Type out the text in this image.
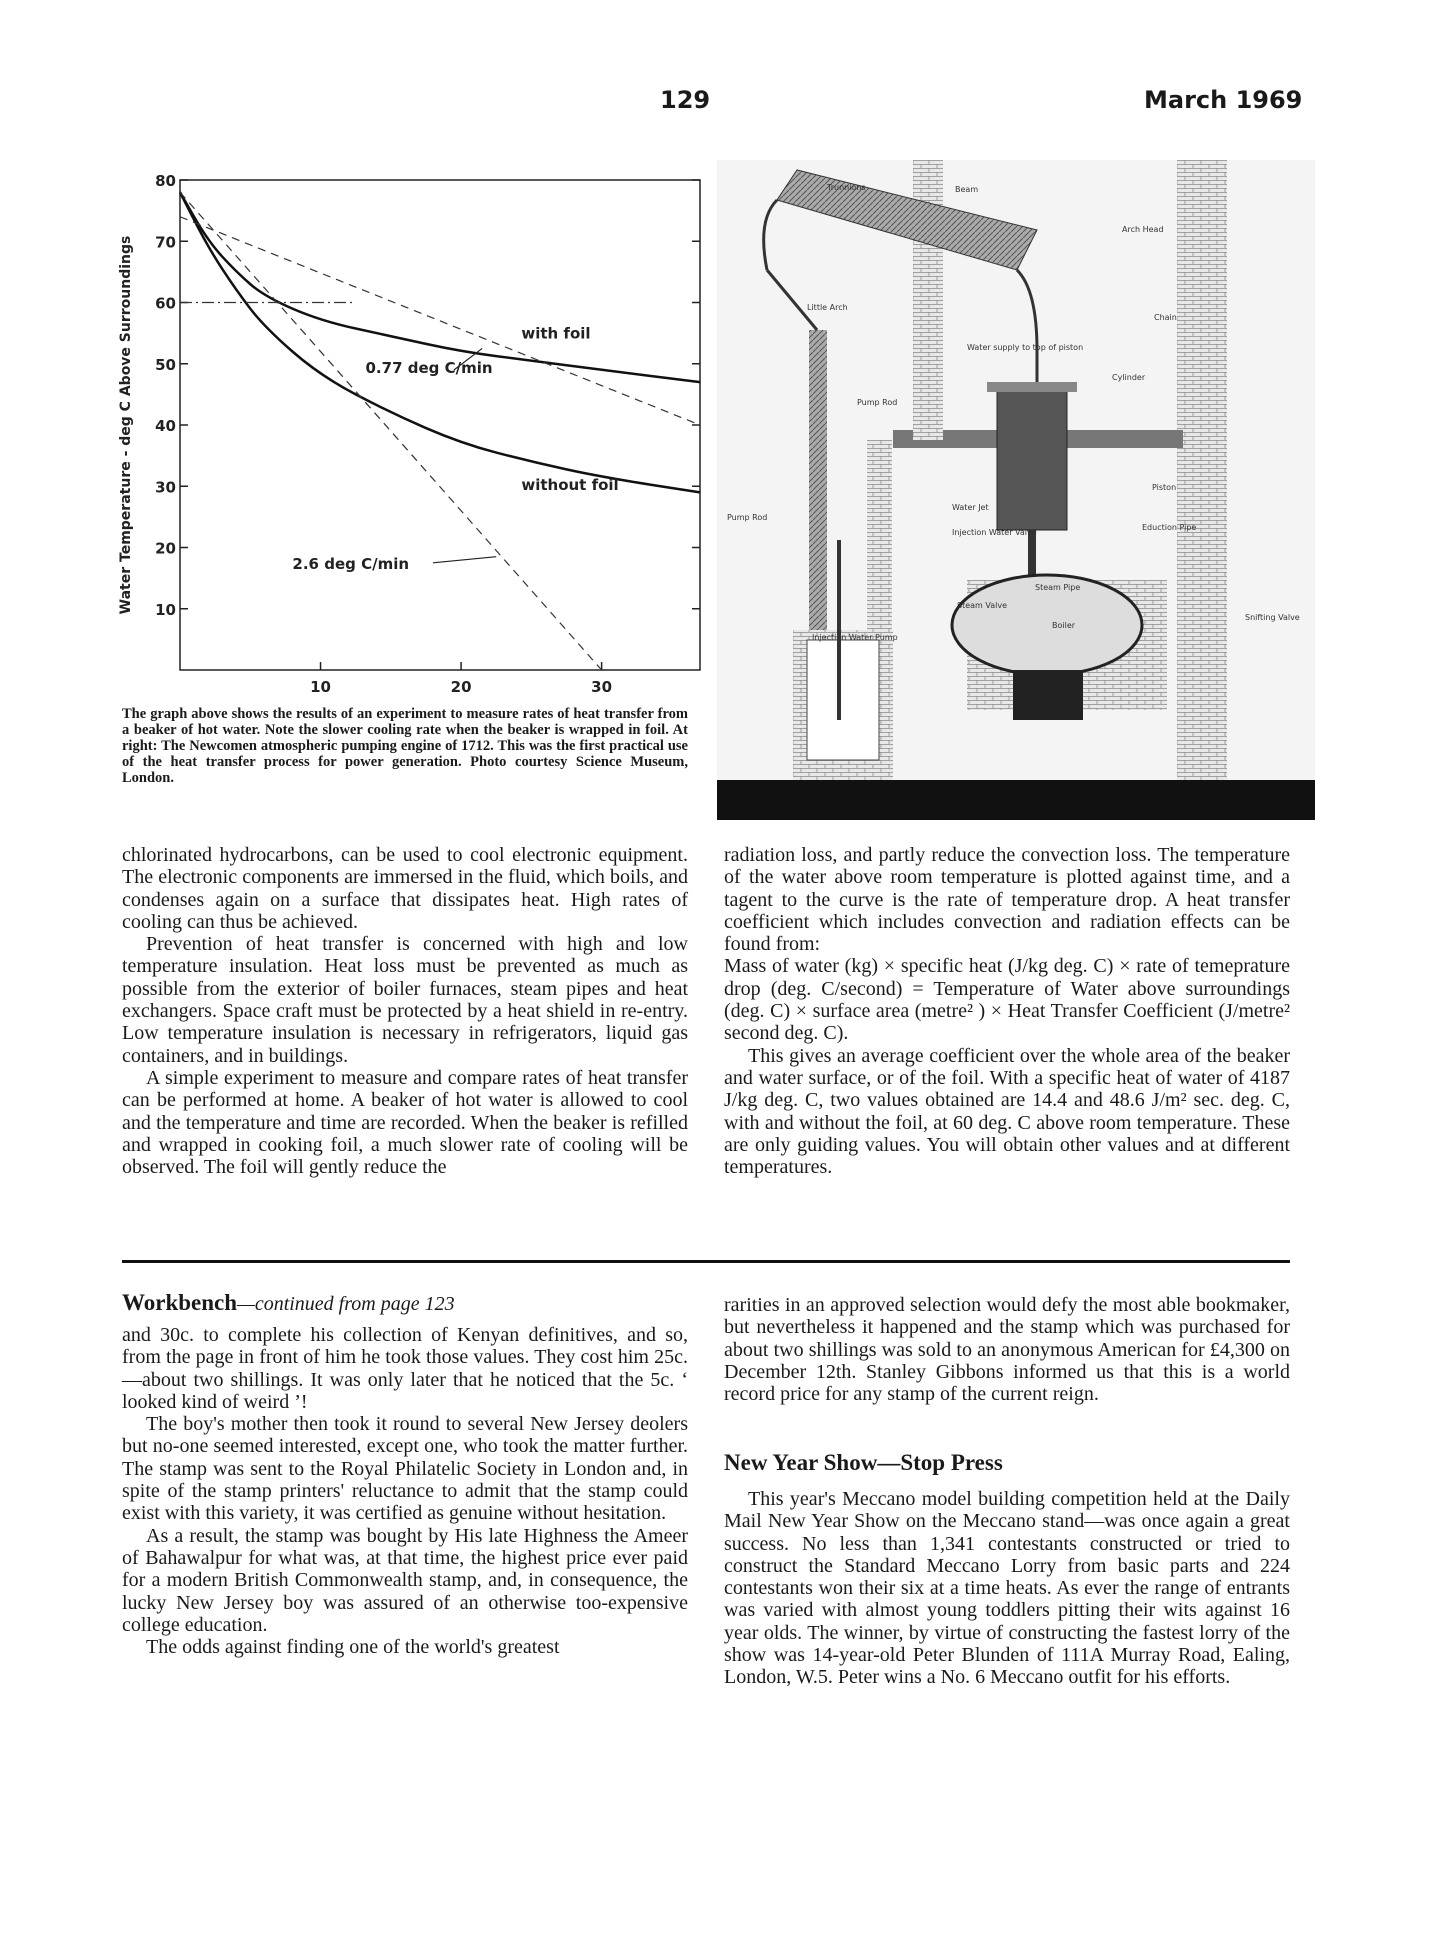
129	March 1969
80
70
60
50
40
30
20
10
10	20	30
Water Temperature - deg C Above Surroundings	with foil
without foil
0.77 deg C/min
2.6 deg C/min
The graph above shows the results of an experiment to measure rates of heat transfer from a beaker of hot water. Note the slower cooling rate when the beaker is wrapped in foil. At right: The Newcomen atmospheric pumping engine of 1712. This was the first practical use of the heat transfer process for power generation. Photo courtesy Science Museum, London.
Trunnions	Beam
Arch Head
Little Arch
Chain
Water supply to top of piston
Cylinder
Pump Rod
Piston
Pump Rod
Water Jet
Injection Water Valve
Eduction Pipe
Steam Pipe
Steam Valve
Boiler
Snifting Valve
Injection Water Pump

chlorinated hydrocarbons, can be used to cool electronic equipment. The electronic components are immersed in the fluid, which boils, and condenses again on a surface that dissipates heat. High rates of cooling can thus be achieved.

Prevention of heat transfer is concerned with high and low temperature insulation. Heat loss must be prevented as much as possible from the exterior of boiler furnaces, steam pipes and heat exchangers. Space craft must be protected by a heat shield in re-entry. Low temperature insulation is necessary in refrigerators, liquid gas containers, and in buildings.

A simple experiment to measure and compare rates of heat transfer can be performed at home. A beaker of hot water is allowed to cool and the temperature and time are recorded. When the beaker is refilled and wrapped in cooking foil, a much slower rate of cooling will be observed. The foil will gently reduce the

radiation loss, and partly reduce the convection loss. The temperature of the water above room temperature is plotted against time, and a tagent to the curve is the rate of temperature drop. A heat transfer coefficient which includes convection and radiation effects can be found from:

Mass of water (kg) × specific heat (J/kg deg. C) × rate of temeprature drop (deg. C/second) = Temperature of Water above surroundings (deg. C) × surface area (metre² ) × Heat Transfer Coefficient (J/metre² second deg. C).

This gives an average coefficient over the whole area of the beaker and water surface, or of the foil. With a specific heat of water of 4187 J/kg deg. C, two values obtained are 14.4 and 48.6 J/m² sec. deg. C, with and without the foil, at 60 deg. C above room temperature. These are only guiding values. You will obtain other values and at different temperatures.

Workbench—continued from page 123

and 30c. to complete his collection of Kenyan definitives, and so, from the page in front of him he took those values. They cost him 25c.—about two shillings. It was only later that he noticed that the 5c. ‘ looked kind of weird ’!

The boy's mother then took it round to several New Jersey deolers but no-one seemed interested, except one, who took the matter further. The stamp was sent to the Royal Philatelic Society in London and, in spite of the stamp printers' reluctance to admit that the stamp could exist with this variety, it was certified as genuine without hesitation.

As a result, the stamp was bought by His late Highness the Ameer of Bahawalpur for what was, at that time, the highest price ever paid for a modern British Commonwealth stamp, and, in consequence, the lucky New Jersey boy was assured of an otherwise too-expensive college education.

The odds against finding one of the world's greatest

rarities in an approved selection would defy the most able bookmaker, but nevertheless it happened and the stamp which was purchased for about two shillings was sold to an anonymous American for £4,300 on December 12th. Stanley Gibbons informed us that this is a world record price for any stamp of the current reign.

New Year Show—Stop Press

This year's Meccano model building competition held at the Daily Mail New Year Show on the Meccano stand—was once again a great success. No less than 1,341 contestants constructed or tried to construct the Standard Meccano Lorry from basic parts and 224 contestants won their six at a time heats. As ever the range of entrants was varied with almost young toddlers pitting their wits against 16 year olds. The winner, by virtue of constructing the fastest lorry of the show was 14-year-old Peter Blunden of 111A Murray Road, Ealing, London, W.5. Peter wins a No. 6 Meccano outfit for his efforts.
